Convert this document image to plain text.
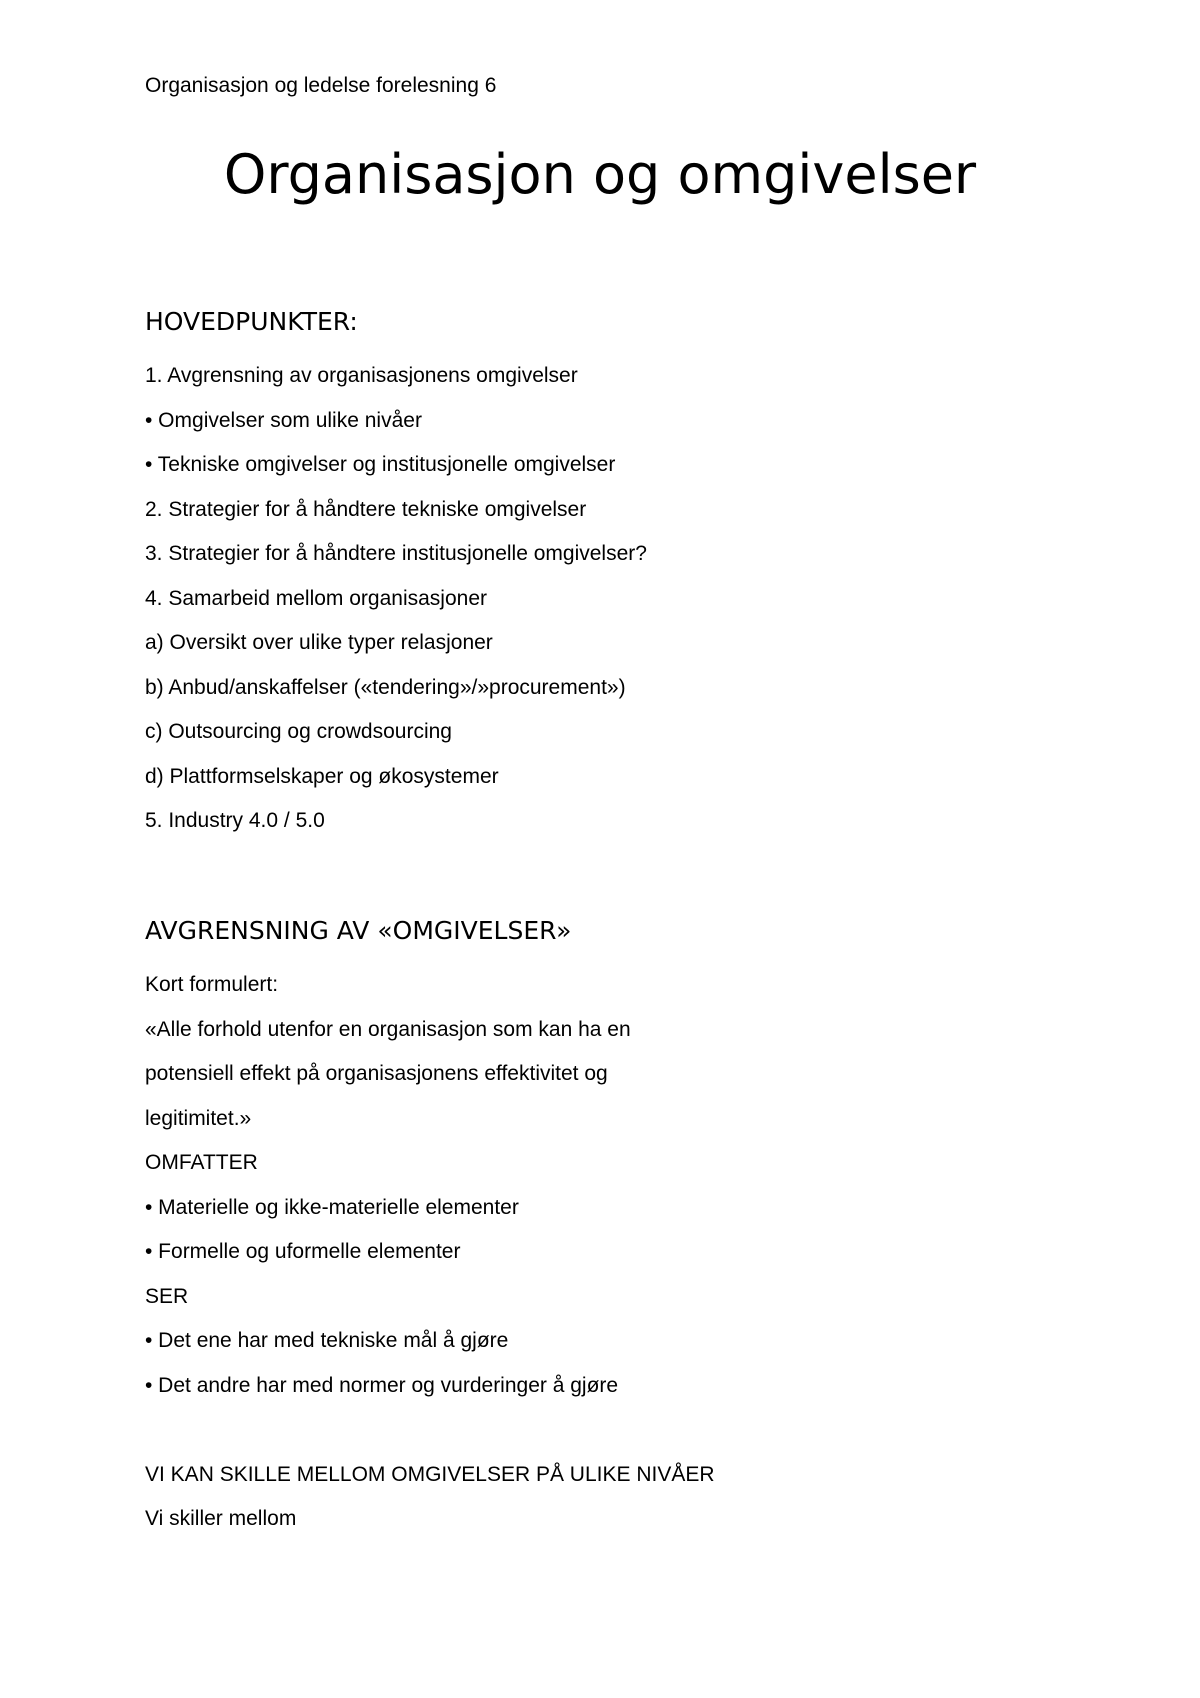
Organisasjon og ledelse forelesning 6
Organisasjon og omgivelser
HOVEDPUNKTER:
1. Avgrensning av organisasjonens omgivelser
• Omgivelser som ulike nivåer
• Tekniske omgivelser og institusjonelle omgivelser
2. Strategier for å håndtere tekniske omgivelser
3. Strategier for å håndtere institusjonelle omgivelser?
4. Samarbeid mellom organisasjoner
a) Oversikt over ulike typer relasjoner
b) Anbud/anskaffelser («tendering»/»procurement»)
c) Outsourcing og crowdsourcing
d) Plattformselskaper og økosystemer
5. Industry 4.0 / 5.0
AVGRENSNING AV «OMGIVELSER»
Kort formulert:
«Alle forhold utenfor en organisasjon som kan ha en
potensiell effekt på organisasjonens effektivitet og
legitimitet.»
OMFATTER
• Materielle og ikke-materielle elementer
• Formelle og uformelle elementer
SER
• Det ene har med tekniske mål å gjøre
• Det andre har med normer og vurderinger å gjøre
VI KAN SKILLE MELLOM OMGIVELSER PÅ ULIKE NIVÅER
Vi skiller mellom
